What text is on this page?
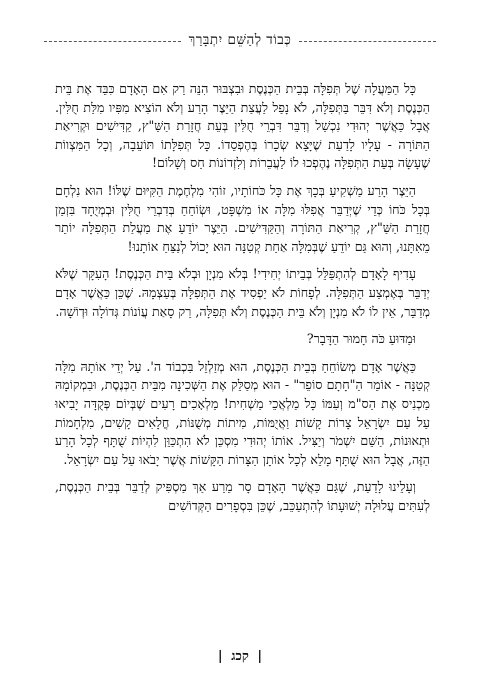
כְּבוֹד לְהַשֵּׁם יִתְבָּרַךְ

כָּל הַמַּעֲלָה שֶׁל תְּפִלָּה בְּבֵית הַכְּנֶסֶת וּבִצְבּוּר הִנֵּה רַק אִם הָאָדָם כִּבֵּד אֶת בֵּית הַכְּנֶסֶת וְלֹא דִּבֵּר בַּתְּפִלָּה, לֹא נָפַל לַעֲצַת הַיֵּצֶר הָרַע וְלֹא הוֹצִיא מִפִּיו מִלַּת חֻלִּין. אֲבָל כַּאֲשֶׁר יְהוּדִי נִכְשַׁל וְדִבֵּר דִּבְרֵי חֻלִּין בְּעֵת חֲזָרַת הַשַּׁ"ץ, קַדִּישִׁים וּקְרִיאַת הַתּוֹרָה - עָלָיו לָדַעַת שֶׁיָּצָא שְׂכָרוֹ בְּהֶפְסֵדוֹ. כָּל תְּפִלָּתוֹ תּוֹעֵבָה, וְכָל הַמִּצְווֹת שֶׁעָשָׂה בְּעֵת הַתְּפִלָּה נֶהֶפְכוּ לוֹ לַעֲבֵרוֹת וְלִזְדוֹנוֹת חַס וְשָׁלוֹם!

הַיֵּצֶר הָרַע מַשְׁקִיעַ בְּכָךְ אֶת כָּל כֹּחוֹתָיו, זוֹהִי מִלְחֶמֶת הַקִּיּוּם שֶׁלּוֹ! הוּא נִלְחָם בְּכָל כֹּחוֹ כְּדֵי שֶׁיְּדַבֵּר אֲפִלּוּ מִלָּה אוֹ מִשְׁפָּט, וּשְׂוֹחֵחַ בְּדִבְרֵי חֻלִּין וּבְמְיֻחָד בִּזְמַן חֲזָרַת הַשַּׁ"ץ, קְרִיאַת הַתּוֹרָה וְהַקַּדִּישִׁים. הַיֵּצֶר יוֹדֵעַ אֶת מַעֲלַת הַתְּפִלָּה יוֹתֵר מֵאִתָּנוּ, וְהוּא גַּם יוֹדֵעַ שֶׁבְּמִלָּה אַחַת קְטַנָּה הוּא יָכוֹל לְנַצֵּחַ אוֹתָנוּ!

עָדִיף לָאָדָם לְהִתְפַּלֵּל בְּבֵיתוֹ יְחִידִי! בְּלֹא מִנְיָן וּבְלֹא בֵּית הַכְּנֶסֶת! הָעִקָּר שֶׁלֹּא יְדַבֵּר בְּאֶמְצַע הַתְּפִלָּה. לְפָחוֹת לֹא יַפְסִיד אֶת הַתְּפִלָּה בְּעַצְמָהּ. שֶׁכֵּן כַּאֲשֶׁר אָדָם מְדַבֵּר, אֵין לוֹ לֹא מִנְיָן וְלֹא בֵּית הַכְּנֶסֶת וְלֹא תְּפִלָּה, רַק סָאַת עֲוֹנוֹת גְּדוֹלָה וּדְוֹשָׁה.

וּמַדּוּעַ כֹּה חָמוּר הַדָּבָר?

כַּאֲשֶׁר אָדָם מְשׂוֹחֵחַ בְּבֵית הַכְּנֶסֶת, הוּא מְזַלְזֵל בִּכְבוֹד ה'. עַל יְדֵי אוֹתָהּ מִלָּה קְטַנָּה - אוֹמֵר הַ"חָתָם סוֹפֵר" - הוּא מְסַלֵּק אֶת הַשְּׁכִינָה מִבֵּית הַכְּנֶסֶת, וּבִמְקוֹמָהּ מַכְנִיס אֶת הַס"מ וְעִמּוֹ כָּל מַלְאֲכֵי מַשְׁחִית! מַלְאָכִים רָעִים שֶׁבְּיוֹם פְּקֻדָּה יָבִיאוּ עַל עַם יִשְׂרָאֵל צָרוֹת קָשׁוֹת וַאֲיֻמּוֹת, מִיתוֹת מְשֻׁנּוֹת, חֳלָאִים קָשִׁים, מִלְחָמוֹת וּתְאוּנוֹת, הַשֵּׁם יִשְׁמֹר וְיַצִּיל. אוֹתוֹ יְהוּדִי מִסְכֵּן לֹא הִתְכַּוֵּן לִהְיוֹת שֻׁתָּף לְכָל הָרַע הַזֶּה, אֲבָל הוּא שֻׁתָּף מָלֵא לְכָל אוֹתָן הַצָּרוֹת הַקָּשׁוֹת אֲשֶׁר יָבֹאוּ עַל עַם יִשְׂרָאֵל.

וְעָלֵינוּ לָדַעַת, שֶׁגַּם כַּאֲשֶׁר הָאָדָם סָר מֵרַע אַךְ מַסְפִּיק לְדַבֵּר בְּבֵית הַכְּנֶסֶת, לְעִתִּים עֲלוּלָה יְשׁוּעָתוֹ לְהִתְעַכֵּב, שֶׁכֵּן בִּסְפָרִים הַקְּדוֹשִׁים

| קכג |
